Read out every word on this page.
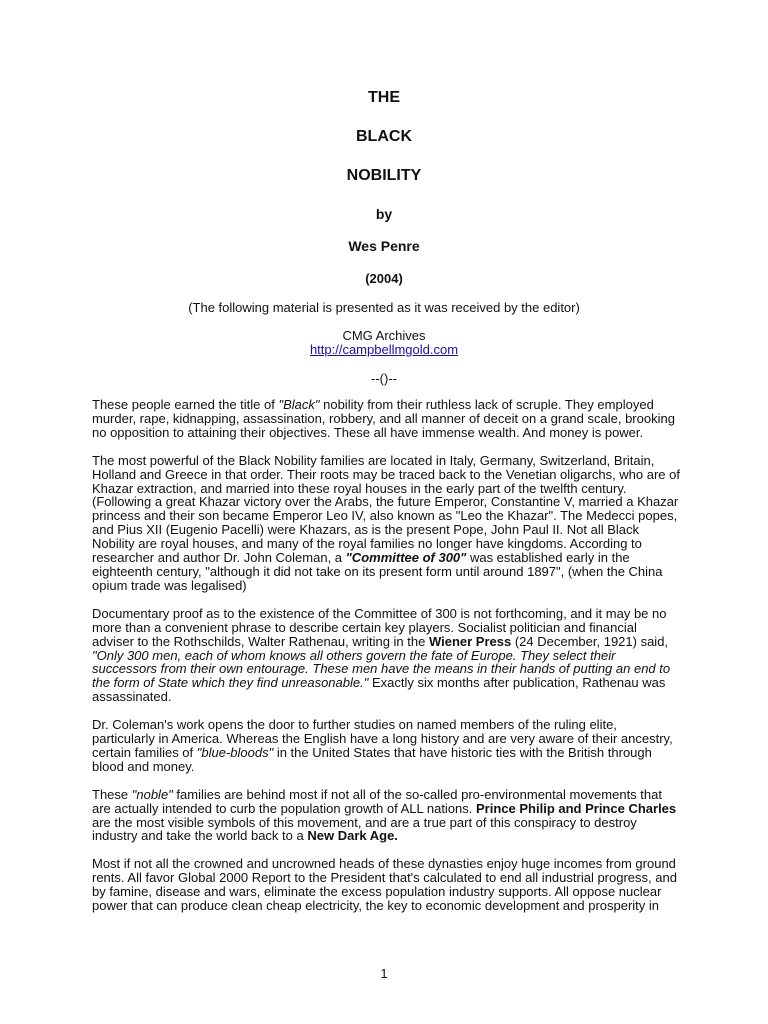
THE
BLACK
NOBILITY
by
Wes Penre
(2004)
(The following material is presented as it was received by the editor)
CMG Archives
http://campbellmgold.com
--()--

These people earned the title of "Black" nobility from their ruthless lack of scruple. They employed murder, rape, kidnapping, assassination, robbery, and all manner of deceit on a grand scale, brooking no opposition to attaining their objectives. These all have immense wealth. And money is power.

The most powerful of the Black Nobility families are located in Italy, Germany, Switzerland, Britain, Holland and Greece in that order. Their roots may be traced back to the Venetian oligarchs, who are of Khazar extraction, and married into these royal houses in the early part of the twelfth century. (Following a great Khazar victory over the Arabs, the future Emperor, Constantine V, married a Khazar princess and their son became Emperor Leo IV, also known as "Leo the Khazar". The Medecci popes, and Pius XII (Eugenio Pacelli) were Khazars, as is the present Pope, John Paul II. Not all Black Nobility are royal houses, and many of the royal families no longer have kingdoms. According to researcher and author Dr. John Coleman, a "Committee of 300" was established early in the eighteenth century, "although it did not take on its present form until around 1897", (when the China opium trade was legalised)

Documentary proof as to the existence of the Committee of 300 is not forthcoming, and it may be no more than a convenient phrase to describe certain key players. Socialist politician and financial adviser to the Rothschilds, Walter Rathenau, writing in the Wiener Press (24 December, 1921) said, "Only 300 men, each of whom knows all others govern the fate of Europe. They select their successors from their own entourage. These men have the means in their hands of putting an end to the form of State which they find unreasonable." Exactly six months after publication, Rathenau was assassinated.

Dr. Coleman's work opens the door to further studies on named members of the ruling elite, particularly in America. Whereas the English have a long history and are very aware of their ancestry, certain families of "blue-bloods" in the United States that have historic ties with the British through blood and money.

These "noble" families are behind most if not all of the so-called pro-environmental movements that are actually intended to curb the population growth of ALL nations. Prince Philip and Prince Charles are the most visible symbols of this movement, and are a true part of this conspiracy to destroy industry and take the world back to a New Dark Age.

Most if not all the crowned and uncrowned heads of these dynasties enjoy huge incomes from ground rents. All favor Global 2000 Report to the President that's calculated to end all industrial progress, and by famine, disease and wars, eliminate the excess population industry supports. All oppose nuclear power that can produce clean cheap electricity, the key to economic development and prosperity in

1
